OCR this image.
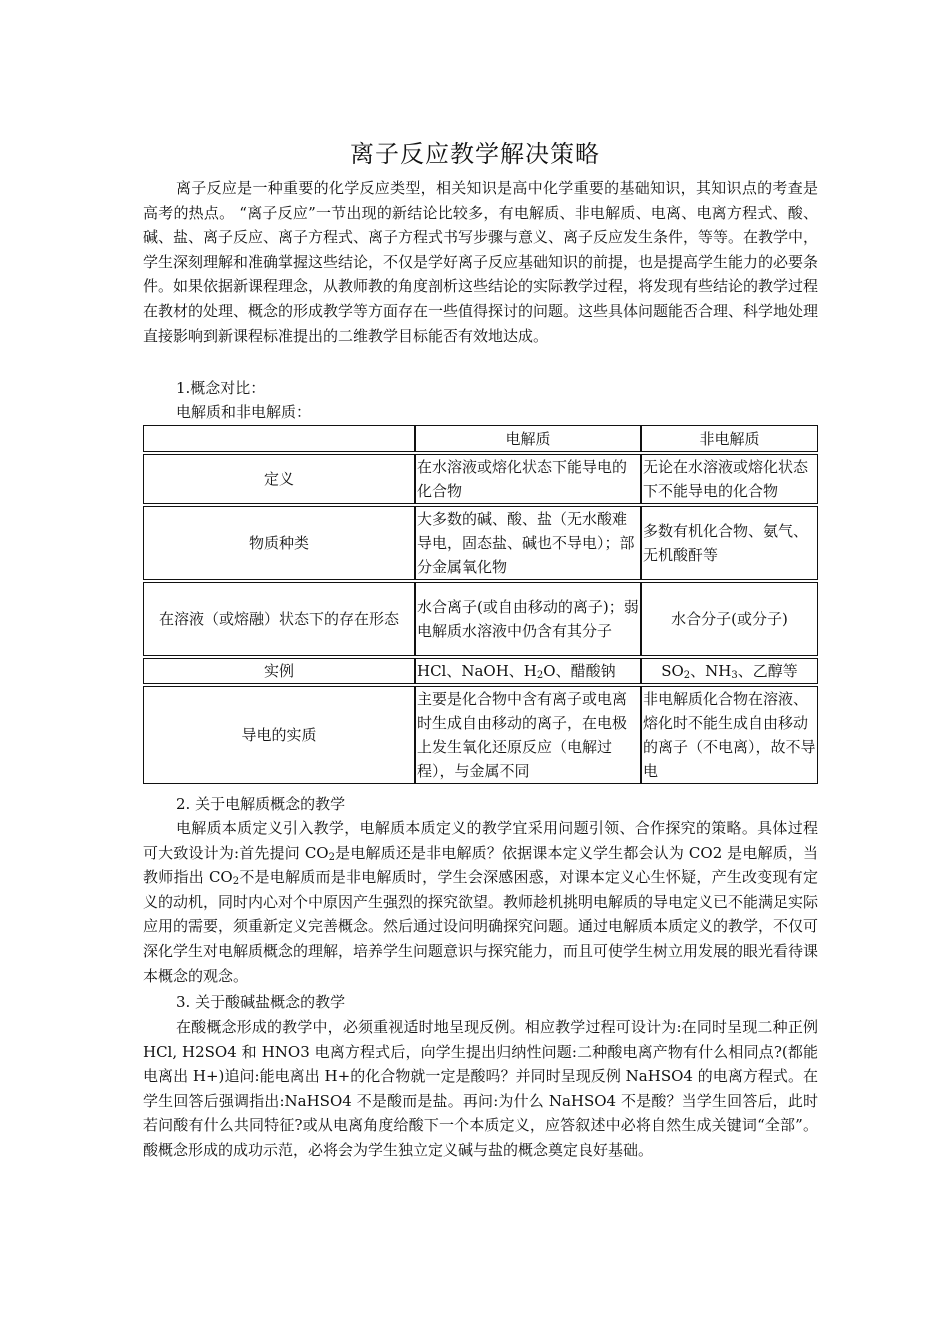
离子反应教学解决策略
离子反应是一种重要的化学反应类型，相关知识是高中化学重要的基础知识，其知识点的考查是高考的热点。 “离子反应”一节出现的新结论比较多，有电解质、非电解质、电离、电离方程式、酸、碱、盐、离子反应、离子方程式、离子方程式书写步骤与意义、离子反应发生条件，等等。在教学中，学生深刻理解和准确掌握这些结论，不仅是学好离子反应基础知识的前提，也是提高学生能力的必要条件。如果依据新课程理念，从教师教的角度剖析这些结论的实际教学过程，将发现有些结论的教学过程在教材的处理、概念的形成教学等方面存在一些值得探讨的问题。这些具体问题能否合理、科学地处理直接影响到新课程标准提出的二维教学目标能否有效地达成。
1.概念对比：
电解质和非电解质：
	电解质	非电解质

定义	在水溶液或熔化状态下能导电的化合物	无论在水溶液或熔化状态下不能导电的化合物

物质种类	大多数的碱、酸、盐（无水酸难导电，固态盐、碱也不导电）；部分金属氧化物	多数有机化合物、氨气、无机酸酐等

在溶液（或熔融）状态下的存在形态	水合离子(或自由移动的离子)；弱电解质水溶液中仍含有其分子	水合分子(或分子)

实例	HCl、NaOH、$H_2O$、醋酸钠	$SO_2$、$NH_3$、乙醇等

导电的实质	主要是化合物中含有离子或电离时生成自由移动的离子，在电极上发生氧化还原反应（电解过程），与金属不同	非电解质化合物在溶液、熔化时不能生成自由移动的离子（不电离），故不导电
2. 关于电解质概念的教学
电解质本质定义引入教学，电解质本质定义的教学宜采用问题引领、合作探究的策略。具体过程可大致设计为:首先提问 $CO_2$是电解质还是非电解质？依据课本定义学生都会认为 CO2 是电解质，当教师指出 $CO_2$不是电解质而是非电解质时，学生会深感困惑，对课本定义心生怀疑，产生改变现有定义的动机，同时内心对个中原因产生强烈的探究欲望。教师趁机挑明电解质的导电定义已不能满足实际应用的需要，须重新定义完善概念。然后通过设问明确探究问题。通过电解质本质定义的教学，不仅可深化学生对电解质概念的理解，培养学生问题意识与探究能力，而且可使学生树立用发展的眼光看待课本概念的观念。
3. 关于酸碱盐概念的教学
在酸概念形成的教学中，必须重视适时地呈现反例。相应教学过程可设计为:在同时呈现二种正例 HCl, H2SO4 和 HNO3 电离方程式后，向学生提出归纳性问题:二种酸电离产物有什么相同点?(都能电离出 H+)追问:能电离出 H+的化合物就一定是酸吗？并同时呈现反例 NaHSO4 的电离方程式。在学生回答后强调指出:NaHSO4 不是酸而是盐。再问:为什么 NaHSO4 不是酸？当学生回答后，此时若问酸有什么共同特征?或从电离角度给酸下一个本质定义，应答叙述中必将自然生成关键词“全部”。酸概念形成的成功示范，必将会为学生独立定义碱与盐的概念奠定良好基础。
